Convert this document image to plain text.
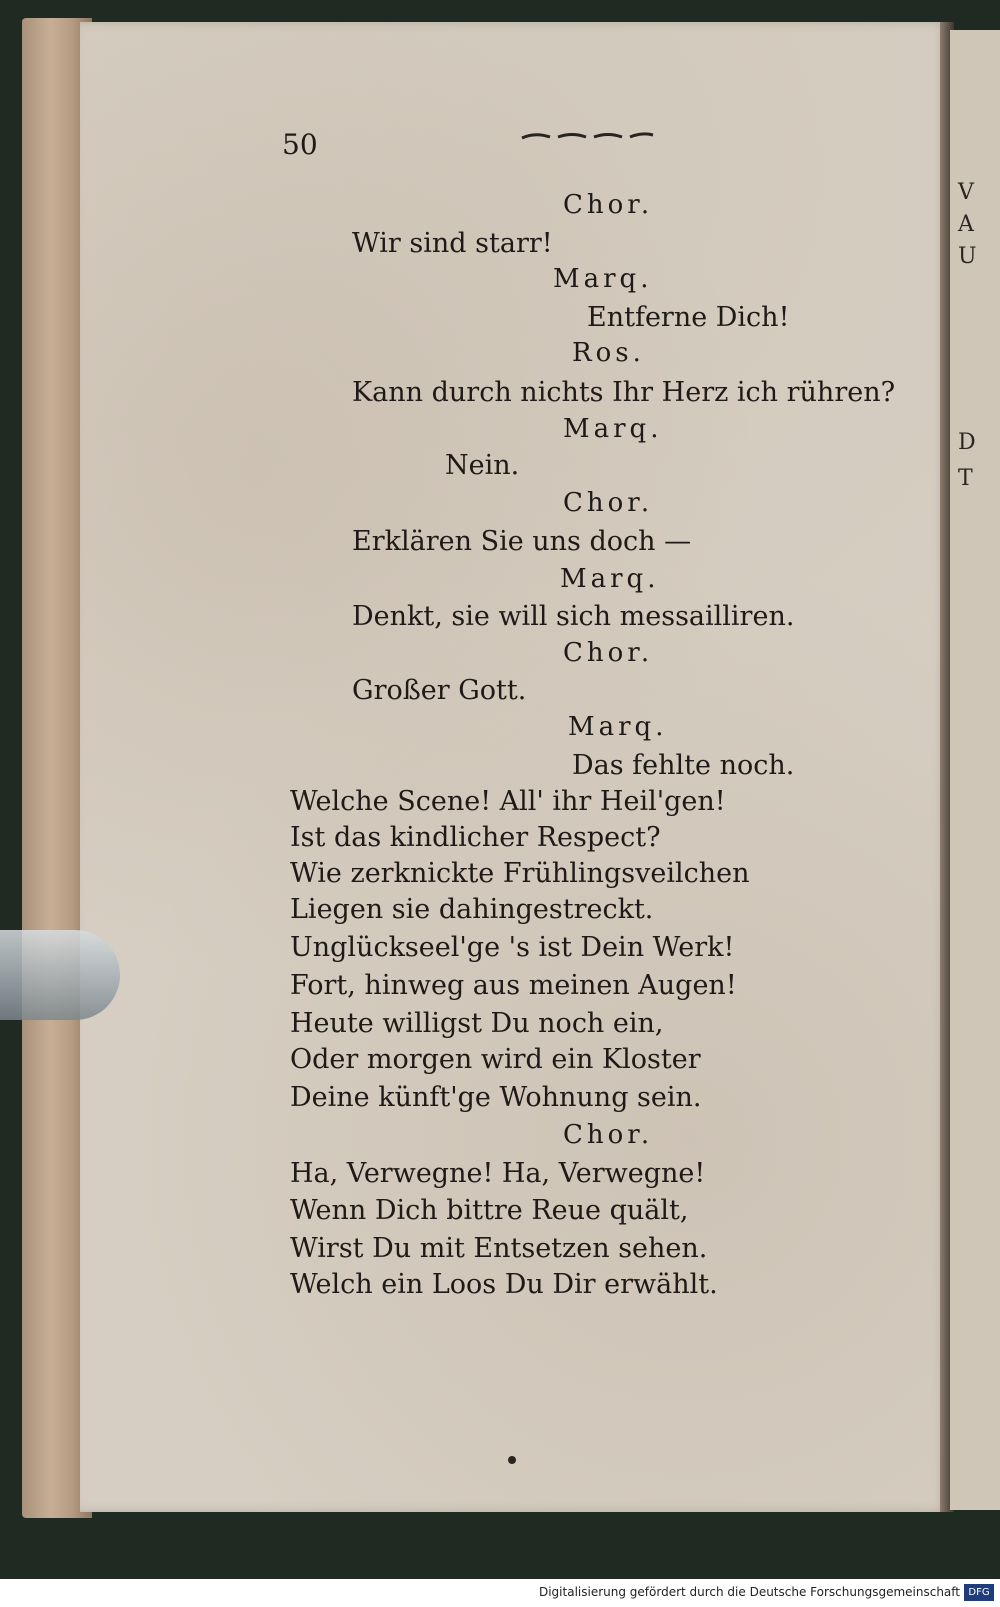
V
A
U
D
T
50
Chor.
Wir sind starr!
Marq.
Entferne Dich!
Ros.
Kann durch nichts Ihr Herz ich rühren?
Marq.
Nein.
Chor.
Erklären Sie uns doch —
Marq.
Denkt, sie will sich messailliren.
Chor.
Großer Gott.
Marq.
Das fehlte noch.
Welche Scene! All' ihr Heil'gen!
Ist das kindlicher Respect?
Wie zerknickte Frühlingsveilchen
Liegen sie dahingestreckt.
Unglückseel'ge 's ist Dein Werk!
Fort, hinweg aus meinen Augen!
Heute willigst Du noch ein,
Oder morgen wird ein Kloster
Deine künft'ge Wohnung sein.
Chor.
Ha, Verwegne! Ha, Verwegne!
Wenn Dich bittre Reue quält,
Wirst Du mit Entsetzen sehen.
Welch ein Loos Du Dir erwählt.
Digitalisierung gefördert durch die Deutsche Forschungsgemeinschaft DFG
